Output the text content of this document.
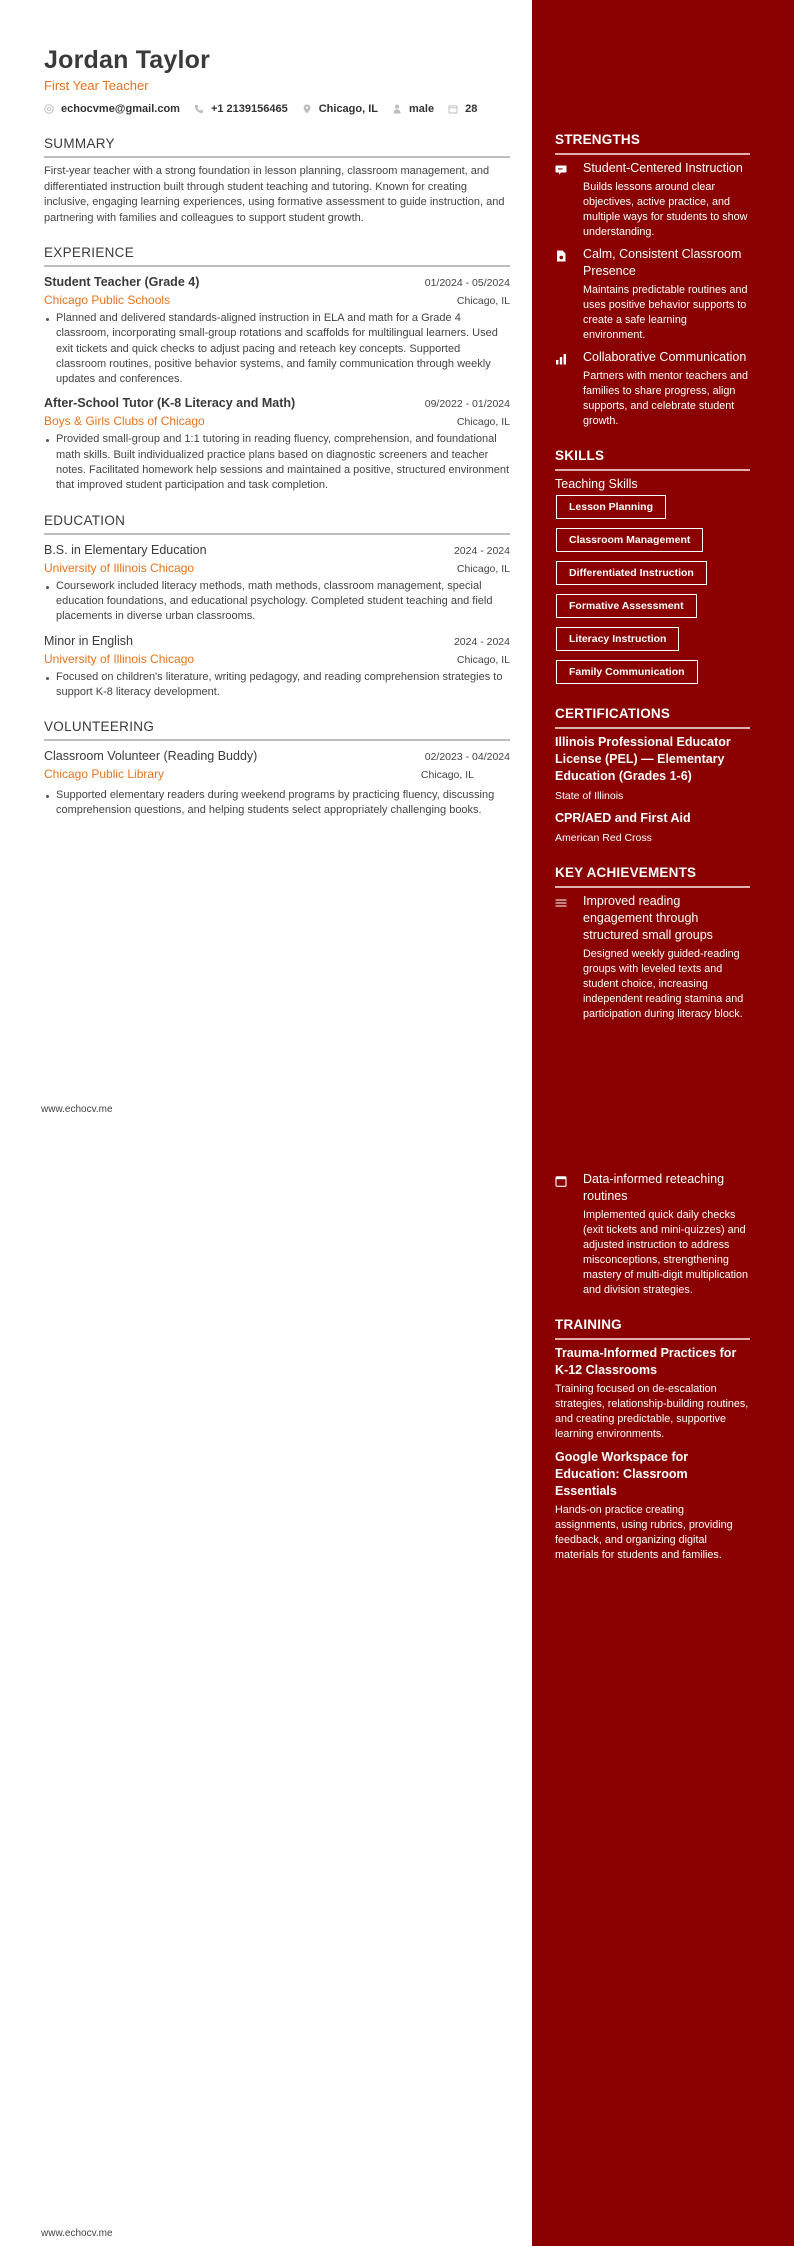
Jordan Taylor
First Year Teacher
echocvme@gmail.com	+1 2139156465	Chicago, IL	male	28
SUMMARY
First-year teacher with a strong foundation in lesson planning, classroom management, and differentiated instruction built through student teaching and tutoring. Known for creating inclusive, engaging learning experiences, using formative assessment to guide instruction, and partnering with families and colleagues to support student growth.
EXPERIENCE
Student Teacher (Grade 4)	01/2024 - 05/2024
Chicago Public Schools	Chicago, IL
Planned and delivered standards-aligned instruction in ELA and math for a Grade 4 classroom, incorporating small-group rotations and scaffolds for multilingual learners. Used exit tickets and quick checks to adjust pacing and reteach key concepts. Supported classroom routines, positive behavior systems, and family communication through weekly updates and conferences.
After-School Tutor (K-8 Literacy and Math)	09/2022 - 01/2024
Boys & Girls Clubs of Chicago	Chicago, IL
Provided small-group and 1:1 tutoring in reading fluency, comprehension, and foundational math skills. Built individualized practice plans based on diagnostic screeners and teacher notes. Facilitated homework help sessions and maintained a positive, structured environment that improved student participation and task completion.
EDUCATION
B.S. in Elementary Education	2024 - 2024
University of Illinois Chicago	Chicago, IL
Coursework included literacy methods, math methods, classroom management, special education foundations, and educational psychology. Completed student teaching and field placements in diverse urban classrooms.
Minor in English	2024 - 2024
University of Illinois Chicago	Chicago, IL
Focused on children's literature, writing pedagogy, and reading comprehension strategies to support K-8 literacy development.
VOLUNTEERING
Classroom Volunteer (Reading Buddy)	02/2023 - 04/2024
Chicago Public Library	Chicago, IL
Supported elementary readers during weekend programs by practicing fluency, discussing comprehension questions, and helping students select appropriately challenging books.
www.echocv.me
www.echocv.me
STRENGTHS
Student-Centered Instruction
Builds lessons around clear objectives, active practice, and multiple ways for students to show understanding.
Calm, Consistent Classroom Presence
Maintains predictable routines and uses positive behavior supports to create a safe learning environment.
Collaborative Communication
Partners with mentor teachers and families to share progress, align supports, and celebrate student growth.
SKILLS
Teaching Skills
Lesson Planning
Classroom Management
Differentiated Instruction
Formative Assessment
Literacy Instruction
Family Communication
CERTIFICATIONS
Illinois Professional Educator License (PEL) — Elementary Education (Grades 1-6)
State of Illinois
CPR/AED and First Aid
American Red Cross
KEY ACHIEVEMENTS
Improved reading engagement through structured small groups
Designed weekly guided-reading groups with leveled texts and student choice, increasing independent reading stamina and participation during literacy block.
Data-informed reteaching routines
Implemented quick daily checks (exit tickets and mini-quizzes) and adjusted instruction to address misconceptions, strengthening mastery of multi-digit multiplication and division strategies.
TRAINING
Trauma-Informed Practices for K-12 Classrooms
Training focused on de-escalation strategies, relationship-building routines, and creating predictable, supportive learning environments.
Google Workspace for Education: Classroom Essentials
Hands-on practice creating assignments, using rubrics, providing feedback, and organizing digital materials for students and families.
